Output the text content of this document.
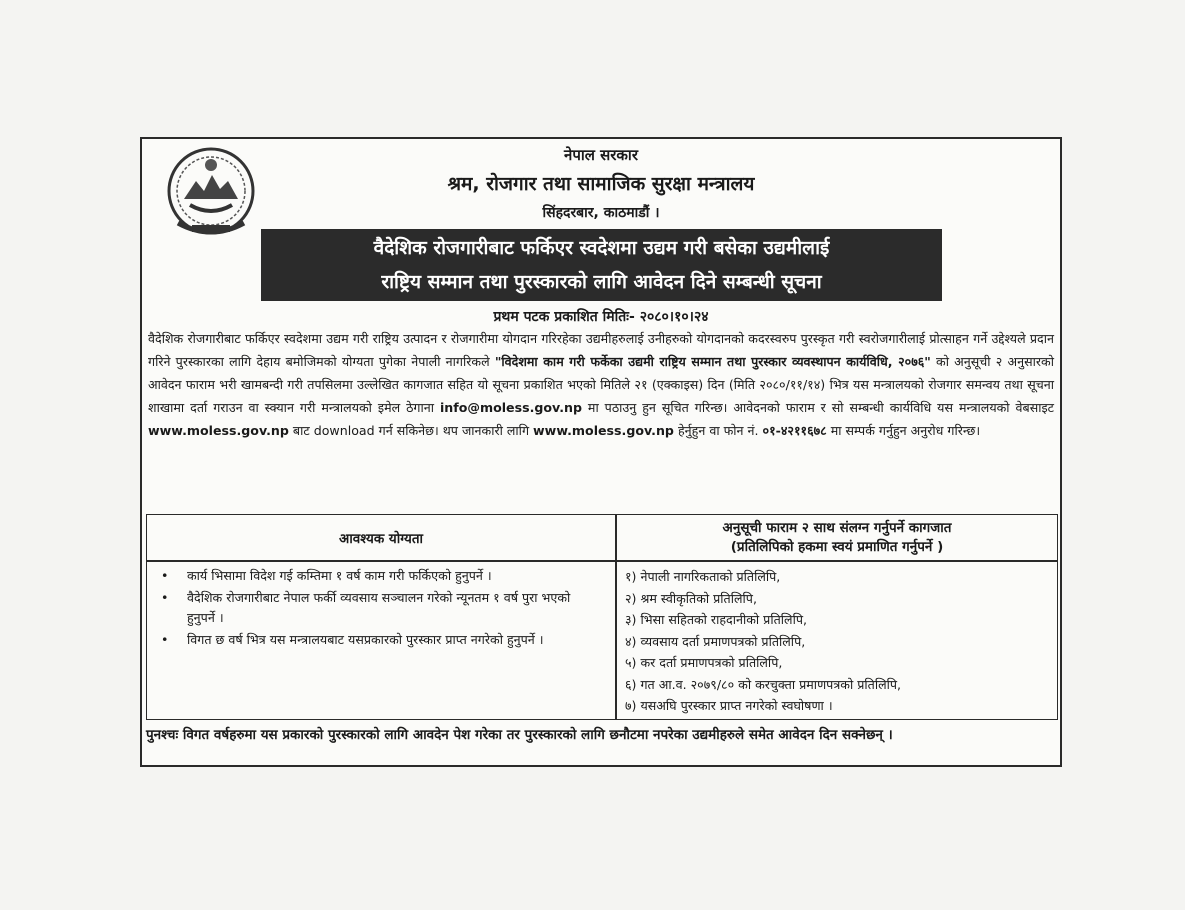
नेपाल सरकार
श्रम, रोजगार तथा सामाजिक सुरक्षा मन्त्रालय
सिंहदरबार, काठमाडौं ।
वैदेशिक रोजगारीबाट फर्किएर स्वदेशमा उद्यम गरी बसेका उद्यमीलाई
राष्ट्रिय सम्मान तथा पुरस्कारको लागि आवेदन दिने सम्बन्धी सूचना
प्रथम पटक प्रकाशित मितिः- २०८०।१०।२४
वैदेशिक रोजगारीबाट फर्किएर स्वदेशमा उद्यम गरी राष्ट्रिय उत्पादन र रोजगारीमा योगदान गरिरहेका उद्यमीहरुलाई उनीहरुको योगदानको कदरस्वरुप पुरस्कृत गरी स्वरोजगारीलाई प्रोत्साहन गर्ने उद्देश्यले प्रदान गरिने पुरस्कारका लागि देहाय बमोजिमको योग्यता पुगेका नेपाली नागरिकले "विदेशमा काम गरी फर्केका उद्यमी राष्ट्रिय सम्मान तथा पुरस्कार व्यवस्थापन कार्यविधि, २०७६" को अनुसूची २ अनुसारको आवेदन फाराम भरी खामबन्दी गरी तपसिलमा उल्लेखित कागजात सहित यो सूचना प्रकाशित भएको मितिले २१ (एक्काइस) दिन (मिति २०८०/११/१४) भित्र यस मन्त्रालयको रोजगार समन्वय तथा सूचना शाखामा दर्ता गराउन वा स्क्यान गरी मन्त्रालयको इमेल ठेगाना info@moless.gov.np मा पठाउनु हुन सूचित गरिन्छ। आवेदनको फाराम र सो सम्बन्धी कार्यविधि यस मन्त्रालयको वेबसाइट www.moless.gov.np बाट download गर्न सकिनेछ। थप जानकारी लागि www.moless.gov.np हेर्नुहुन वा फोन नं. ०१-४२११६७८ मा सम्पर्क गर्नुहुन अनुरोध गरिन्छ।
आवश्यक योग्यता
अनुसूची फाराम २ साथ संलग्न गर्नुपर्ने कागजात
(प्रतिलिपिको हकमा स्वयं प्रमाणित गर्नुपर्ने )
• कार्य भिसामा विदेश गई कम्तिमा १ वर्ष काम गरी फर्किएको हुनुपर्ने ।
• वैदेशिक रोजगारीबाट नेपाल फर्की व्यवसाय सञ्चालन गरेको न्यूनतम १ वर्ष पुरा भएको हुनुपर्ने ।
• विगत छ वर्ष भित्र यस मन्त्रालयबाट यसप्रकारको पुरस्कार प्राप्त नगरेको हुनुपर्ने ।
१) नेपाली नागरिकताको प्रतिलिपि,
२) श्रम स्वीकृतिको प्रतिलिपि,
३) भिसा सहितको राहदानीको प्रतिलिपि,
४) व्यवसाय दर्ता प्रमाणपत्रको प्रतिलिपि,
५) कर दर्ता प्रमाणपत्रको प्रतिलिपि,
६) गत आ.व. २०७९/८० को करचुक्ता प्रमाणपत्रको प्रतिलिपि,
७) यसअघि पुरस्कार प्राप्त नगरेको स्वघोषणा ।
पुनश्चः विगत वर्षहरुमा यस प्रकारको पुरस्कारको लागि आवदेन पेश गरेका तर पुरस्कारको लागि छनौटमा नपरेका उद्यमीहरुले समेत आवेदन दिन सक्नेछन् ।
